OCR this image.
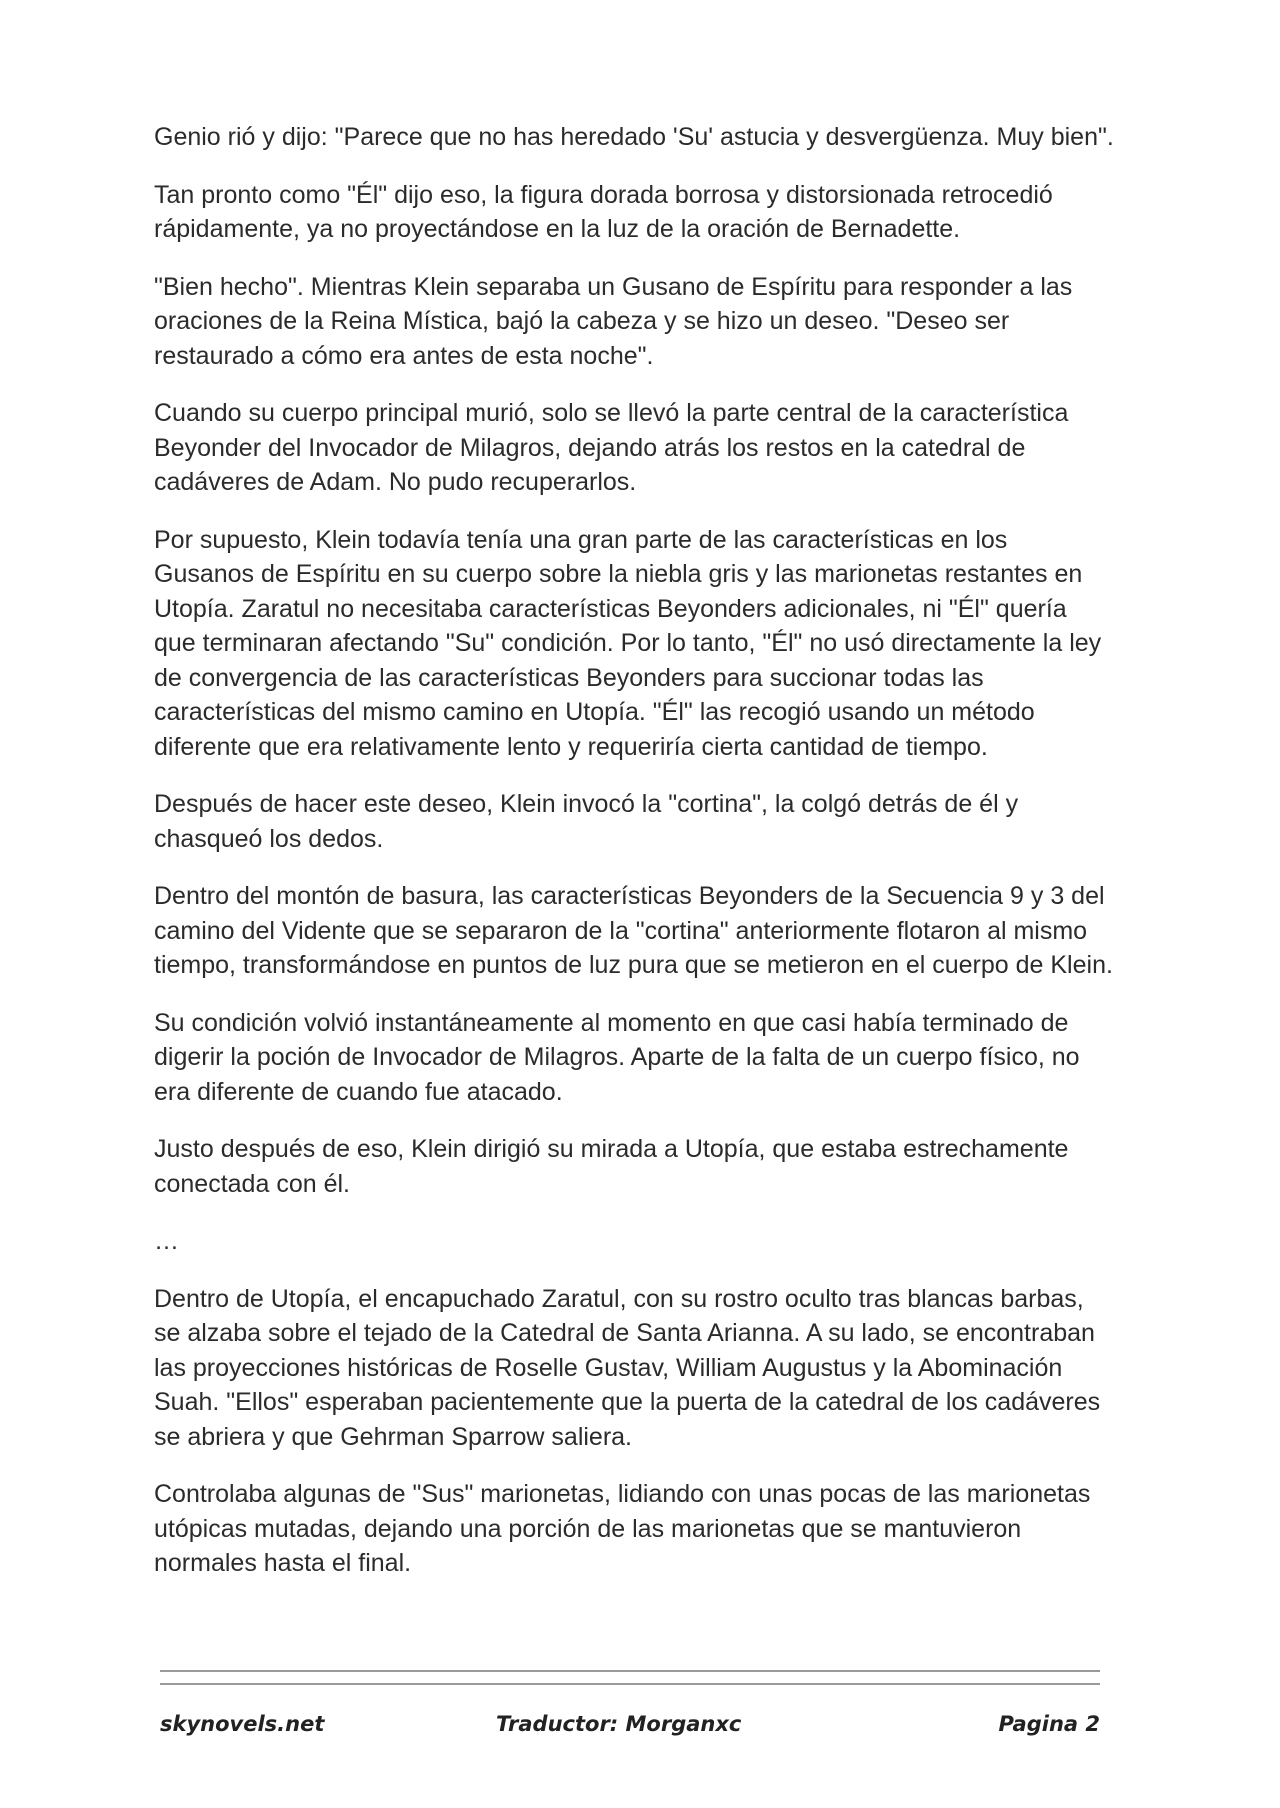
Genio rió y dijo: "Parece que no has heredado 'Su' astucia y desvergüenza. Muy bien".

Tan pronto como "Él" dijo eso, la figura dorada borrosa y distorsionada retrocedió rápidamente, ya no proyectándose en la luz de la oración de Bernadette.

"Bien hecho". Mientras Klein separaba un Gusano de Espíritu para responder a las oraciones de la Reina Mística, bajó la cabeza y se hizo un deseo. "Deseo ser restaurado a cómo era antes de esta noche".

Cuando su cuerpo principal murió, solo se llevó la parte central de la característica Beyonder del Invocador de Milagros, dejando atrás los restos en la catedral de cadáveres de Adam. No pudo recuperarlos.

Por supuesto, Klein todavía tenía una gran parte de las características en los Gusanos de Espíritu en su cuerpo sobre la niebla gris y las marionetas restantes en Utopía. Zaratul no necesitaba características Beyonders adicionales, ni "Él" quería que terminaran afectando "Su" condición. Por lo tanto, "Él" no usó directamente la ley de convergencia de las características Beyonders para succionar todas las características del mismo camino en Utopía. "Él" las recogió usando un método diferente que era relativamente lento y requeriría cierta cantidad de tiempo.

Después de hacer este deseo, Klein invocó la "cortina", la colgó detrás de él y chasqueó los dedos.

Dentro del montón de basura, las características Beyonders de la Secuencia 9 y 3 del camino del Vidente que se separaron de la "cortina" anteriormente flotaron al mismo tiempo, transformándose en puntos de luz pura que se metieron en el cuerpo de Klein.

Su condición volvió instantáneamente al momento en que casi había terminado de digerir la poción de Invocador de Milagros. Aparte de la falta de un cuerpo físico, no era diferente de cuando fue atacado.

Justo después de eso, Klein dirigió su mirada a Utopía, que estaba estrechamente conectada con él.

…

Dentro de Utopía, el encapuchado Zaratul, con su rostro oculto tras blancas barbas, se alzaba sobre el tejado de la Catedral de Santa Arianna. A su lado, se encontraban las proyecciones históricas de Roselle Gustav, William Augustus y la Abominación Suah. "Ellos" esperaban pacientemente que la puerta de la catedral de los cadáveres se abriera y que Gehrman Sparrow saliera.

Controlaba algunas de "Sus" marionetas, lidiando con unas pocas de las marionetas utópicas mutadas, dejando una porción de las marionetas que se mantuvieron normales hasta el final.

skynovels.net	Traductor: Morganxc	Pagina 2
